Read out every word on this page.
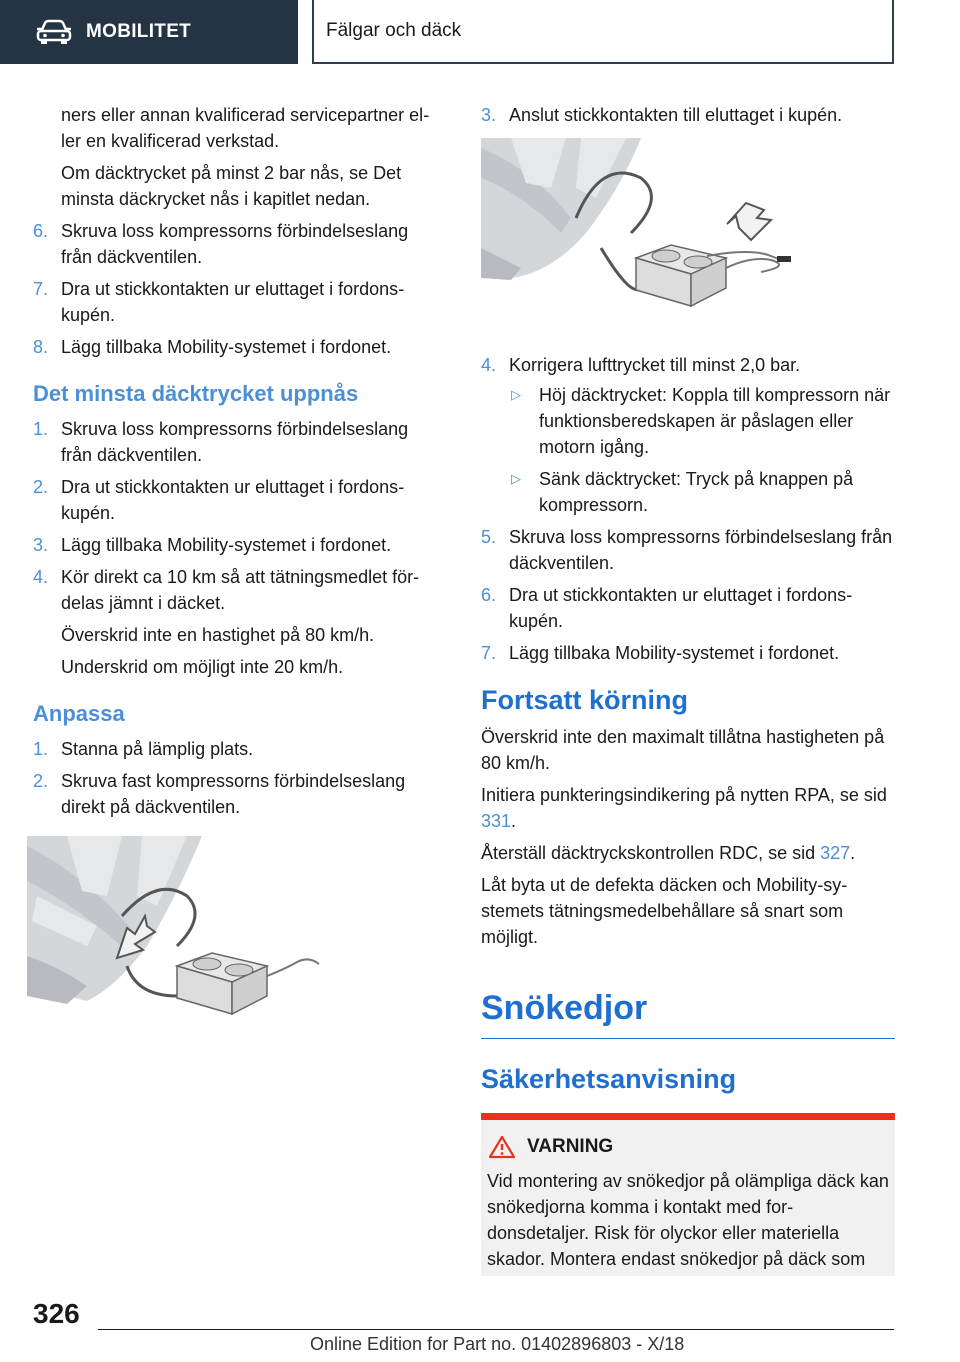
MOBILITET	Fälgar och däck

ners eller annan kvalificerad servicepartner eller en kvalificerad verkstad.

Om däcktrycket på minst 2 bar nås, se Det minsta däckrycket nås i kapitlet nedan.

6. Skruva loss kompressorns förbindelseslang från däckventilen.
7. Dra ut stickkontakten ur eluttaget i fordonskupén.
8. Lägg tillbaka Mobility-systemet i fordonet.
Det minsta däcktrycket uppnås
1. Skruva loss kompressorns förbindelseslang från däckventilen.
2. Dra ut stickkontakten ur eluttaget i fordonskupén.
3. Lägg tillbaka Mobility-systemet i fordonet.
4. Kör direkt ca 10 km så att tätningsmedlet fördelas jämnt i däcket.

Överskrid inte en hastighet på 80 km/h.

Underskrid om möjligt inte 20 km/h.

Anpassa
1. Stanna på lämplig plats.
2. Skruva fast kompressorns förbindelseslang direkt på däckventilen.
3. Anslut stickkontakten till eluttaget i kupén.
4. Korrigera lufttrycket till minst 2,0 bar.
▷ Höj däcktrycket: Koppla till kompressorn när funktionsberedskapen är påslagen eller motorn igång.
▷ Sänk däcktrycket: Tryck på knappen på kompressorn.
5. Skruva loss kompressorns förbindelseslang från däckventilen.
6. Dra ut stickkontakten ur eluttaget i fordonskupén.
7. Lägg tillbaka Mobility-systemet i fordonet.
Fortsatt körning

Överskrid inte den maximalt tillåtna hastigheten på 80 km/h.

Initiera punkteringsindikering på nytten RPA, se sid 331.

Återställ däcktryckskontrollen RDC, se sid 327.

Låt byta ut de defekta däcken och Mobility-systemets tätningsmedelbehållare så snart som möjligt.

Snökedjor
Säkerhetsanvisning
VARNING
Vid montering av snökedjor på olämpliga däck kan snökedjorna komma i kontakt med fordonsdetaljer. Risk för olyckor eller materiella skador. Montera endast snökedjor på däck som
326
Online Edition for Part no. 01402896803 - X/18
